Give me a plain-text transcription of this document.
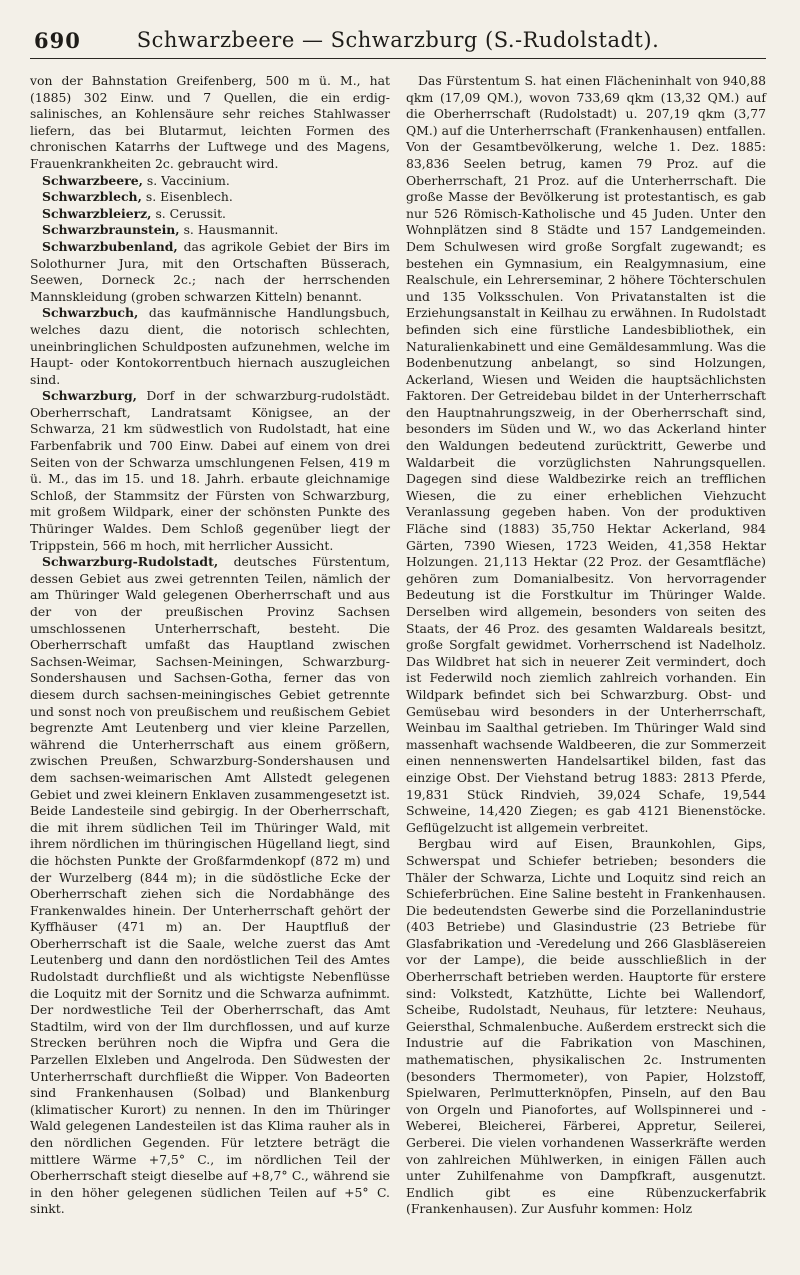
690	Schwarzbeere — Schwarzburg (S.-Rudolstadt).

von der Bahnstation Greifenberg, 500 m ü. M., hat (1885) 302 Einw. und 7 Quellen, die ein erdig-salinisches, an Kohlensäure sehr reiches Stahlwasser liefern, das bei Blutarmut, leichten Formen des chronischen Katarrhs der Luftwege und des Magens, Frauenkrankheiten 2c. gebraucht wird.

Schwarzbeere, s. Vaccinium.

Schwarzblech, s. Eisenblech.

Schwarzbleierz, s. Cerussit.

Schwarzbraunstein, s. Hausmannit.

Schwarzbubenland, das agrikole Gebiet der Birs im Solothurner Jura, mit den Ortschaften Büsserach, Seewen, Dorneck 2c.; nach der herrschenden Mannskleidung (groben schwarzen Kitteln) benannt.

Schwarzbuch, das kaufmännische Handlungsbuch, welches dazu dient, die notorisch schlechten, uneinbringlichen Schuldposten aufzunehmen, welche im Haupt- oder Kontokorrentbuch hiernach auszugleichen sind.

Schwarzburg, Dorf in der schwarzburg-rudolstädt. Oberherrschaft, Landratsamt Königsee, an der Schwarza, 21 km südwestlich von Rudolstadt, hat eine Farbenfabrik und 700 Einw. Dabei auf einem von drei Seiten von der Schwarza umschlungenen Felsen, 419 m ü. M., das im 15. und 18. Jahrh. erbaute gleichnamige Schloß, der Stammsitz der Fürsten von Schwarzburg, mit großem Wildpark, einer der schönsten Punkte des Thüringer Waldes. Dem Schloß gegenüber liegt der Trippstein, 566 m hoch, mit herrlicher Aussicht.

Schwarzburg-Rudolstadt, deutsches Fürstentum, dessen Gebiet aus zwei getrennten Teilen, nämlich der am Thüringer Wald gelegenen Oberherrschaft und aus der von der preußischen Provinz Sachsen umschlossenen Unterherrschaft, besteht. Die Oberherrschaft umfaßt das Hauptland zwischen Sachsen-Weimar, Sachsen-Meiningen, Schwarzburg-Sondershausen und Sachsen-Gotha, ferner das von diesem durch sachsen-meiningisches Gebiet getrennte und sonst noch von preußischem und reußischem Gebiet begrenzte Amt Leutenberg und vier kleine Parzellen, während die Unterherrschaft aus einem größern, zwischen Preußen, Schwarzburg-Sondershausen und dem sachsen-weimarischen Amt Allstedt gelegenen Gebiet und zwei kleinern Enklaven zusammengesetzt ist. Beide Landesteile sind gebirgig. In der Oberherrschaft, die mit ihrem südlichen Teil im Thüringer Wald, mit ihrem nördlichen im thüringischen Hügelland liegt, sind die höchsten Punkte der Großfarmdenkopf (872 m) und der Wurzelberg (844 m); in die südöstliche Ecke der Oberherrschaft ziehen sich die Nordabhänge des Frankenwaldes hinein. Der Unterherrschaft gehört der Kyffhäuser (471 m) an. Der Hauptfluß der Oberherrschaft ist die Saale, welche zuerst das Amt Leutenberg und dann den nordöstlichen Teil des Amtes Rudolstadt durchfließt und als wichtigste Nebenflüsse die Loquitz mit der Sornitz und die Schwarza aufnimmt. Der nordwestliche Teil der Oberherrschaft, das Amt Stadtilm, wird von der Ilm durchflossen, und auf kurze Strecken berühren noch die Wipfra und Gera die Parzellen Elxleben und Angelroda. Den Südwesten der Unterherrschaft durchfließt die Wipper. Von Badeorten sind Frankenhausen (Solbad) und Blankenburg (klimatischer Kurort) zu nennen. In den im Thüringer Wald gelegenen Landesteilen ist das Klima rauher als in den nördlichen Gegenden. Für letztere beträgt die mittlere Wärme +7,5° C., im nördlichen Teil der Oberherrschaft steigt dieselbe auf +8,7° C., während sie in den höher gelegenen südlichen Teilen auf +5° C. sinkt.

Das Fürstentum S. hat einen Flächeninhalt von 940,88 qkm (17,09 QM.), wovon 733,69 qkm (13,32 QM.) auf die Oberherrschaft (Rudolstadt) u. 207,19 qkm (3,77 QM.) auf die Unterherrschaft (Frankenhausen) entfallen. Von der Gesamtbevölkerung, welche 1. Dez. 1885: 83,836 Seelen betrug, kamen 79 Proz. auf die Oberherrschaft, 21 Proz. auf die Unterherrschaft. Die große Masse der Bevölkerung ist protestantisch, es gab nur 526 Römisch-Katholische und 45 Juden. Unter den Wohnplätzen sind 8 Städte und 157 Landgemeinden. Dem Schulwesen wird große Sorgfalt zugewandt; es bestehen ein Gymnasium, ein Realgymnasium, eine Realschule, ein Lehrerseminar, 2 höhere Töchterschulen und 135 Volksschulen. Von Privatanstalten ist die Erziehungsanstalt in Keilhau zu erwähnen. In Rudolstadt befinden sich eine fürstliche Landesbibliothek, ein Naturalienkabinett und eine Gemäldesammlung. Was die Bodenbenutzung anbelangt, so sind Holzungen, Ackerland, Wiesen und Weiden die hauptsächlichsten Faktoren. Der Getreidebau bildet in der Unterherrschaft den Hauptnahrungszweig, in der Oberherrschaft sind, besonders im Süden und W., wo das Ackerland hinter den Waldungen bedeutend zurücktritt, Gewerbe und Waldarbeit die vorzüglichsten Nahrungsquellen. Dagegen sind diese Waldbezirke reich an trefflichen Wiesen, die zu einer erheblichen Viehzucht Veranlassung gegeben haben. Von der produktiven Fläche sind (1883) 35,750 Hektar Ackerland, 984 Gärten, 7390 Wiesen, 1723 Weiden, 41,358 Hektar Holzungen. 21,113 Hektar (22 Proz. der Gesamtfläche) gehören zum Domanialbesitz. Von hervorragender Bedeutung ist die Forstkultur im Thüringer Walde. Derselben wird allgemein, besonders von seiten des Staats, der 46 Proz. des gesamten Waldareals besitzt, große Sorgfalt gewidmet. Vorherrschend ist Nadelholz. Das Wildbret hat sich in neuerer Zeit vermindert, doch ist Federwild noch ziemlich zahlreich vorhanden. Ein Wildpark befindet sich bei Schwarzburg. Obst- und Gemüsebau wird besonders in der Unterherrschaft, Weinbau im Saalthal getrieben. Im Thüringer Wald sind massenhaft wachsende Waldbeeren, die zur Sommerzeit einen nennenswerten Handelsartikel bilden, fast das einzige Obst. Der Viehstand betrug 1883: 2813 Pferde, 19,831 Stück Rindvieh, 39,024 Schafe, 19,544 Schweine, 14,420 Ziegen; es gab 4121 Bienenstöcke. Geflügelzucht ist allgemein verbreitet.

Bergbau wird auf Eisen, Braunkohlen, Gips, Schwerspat und Schiefer betrieben; besonders die Thäler der Schwarza, Lichte und Loquitz sind reich an Schieferbrüchen. Eine Saline besteht in Frankenhausen. Die bedeutendsten Gewerbe sind die Porzellanindustrie (403 Betriebe) und Glasindustrie (23 Betriebe für Glasfabrikation und -Veredelung und 266 Glasbläsereien vor der Lampe), die beide ausschließlich in der Oberherrschaft betrieben werden. Hauptorte für erstere sind: Volkstedt, Katzhütte, Lichte bei Wallendorf, Scheibe, Rudolstadt, Neuhaus, für letztere: Neuhaus, Geiersthal, Schmalenbuche. Außerdem erstreckt sich die Industrie auf die Fabrikation von Maschinen, mathematischen, physikalischen 2c. Instrumenten (besonders Thermometer), von Papier, Holzstoff, Spielwaren, Perlmutterknöpfen, Pinseln, auf den Bau von Orgeln und Pianofortes, auf Wollspinnerei und -Weberei, Bleicherei, Färberei, Appretur, Seilerei, Gerberei. Die vielen vorhandenen Wasserkräfte werden von zahlreichen Mühlwerken, in einigen Fällen auch unter Zuhilfenahme von Dampfkraft, ausgenutzt. Endlich gibt es eine Rübenzuckerfabrik (Frankenhausen). Zur Ausfuhr kommen: Holz
